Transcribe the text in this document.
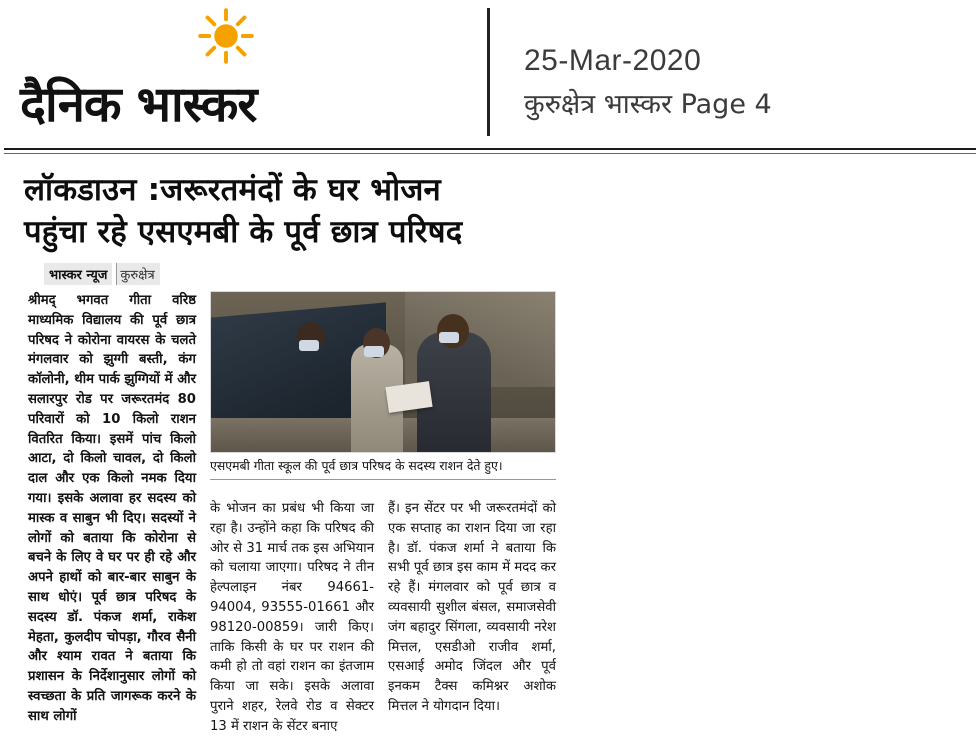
दैनिक भास्कर
25-Mar-2020
कुरुक्षेत्र भास्कर Page 4
लॉकडाउन :जरूरतमंदों के घर भोजन
पहुंचा रहे एसएमबी के पूर्व छात्र परिषद
भास्कर न्यूज	कुरुक्षेत्र

श्रीमद् भगवत गीता वरिष्ठ माध्यमिक विद्यालय की पूर्व छात्र परिषद ने कोरोना वायरस के चलते मंगलवार को झुग्गी बस्ती, कंग कॉलोनी, थीम पार्क झुग्गियों में और सलारपुर रोड पर जरूरतमंद 80 परिवारों को 10 किलो राशन वितरित किया। इसमें पांच किलो आटा, दो किलो चावल, दो किलो दाल और एक किलो नमक दिया गया। इसके अलावा हर सदस्य को मास्क व साबुन भी दिए। सदस्यों ने लोगों को बताया कि कोरोना से बचने के लिए वे घर पर ही रहे और अपने हाथों को बार-बार साबुन के साथ धोएं। पूर्व छात्र परिषद के सदस्य डॉ. पंकज शर्मा, राकेश मेहता, कुलदीप चोपड़ा, गौरव सैनी और श्याम रावत ने बताया कि प्रशासन के निर्देशानुसार लोगों को स्वच्छता के प्रति जागरूक करने के साथ लोगों

एसएमबी गीता स्कूल की पूर्व छात्र परिषद के सदस्य राशन देते हुए।

के भोजन का प्रबंध भी किया जा रहा है। उन्होंने कहा कि परिषद की ओर से 31 मार्च तक इस अभियान को चलाया जाएगा। परिषद ने तीन हेल्पलाइन नंबर 94661-94004, 93555-01661 और 98120-00859। जारी किए। ताकि किसी के घर पर राशन की कमी हो तो वहां राशन का इंतजाम किया जा सके। इसके अलावा पुराने शहर, रेलवे रोड व सेक्टर 13 में राशन के सेंटर बनाए

हैं। इन सेंटर पर भी जरूरतमंदों को एक सप्ताह का राशन दिया जा रहा है। डॉ. पंकज शर्मा ने बताया कि सभी पूर्व छात्र इस काम में मदद कर रहे हैं। मंगलवार को पूर्व छात्र व व्यवसायी सुशील बंसल, समाजसेवी जंग बहादुर सिंगला, व्यवसायी नरेश मित्तल, एसडीओ राजीव शर्मा, एसआई अमोद जिंदल और पूर्व इनकम टैक्स कमिश्नर अशोक मित्तल ने योगदान दिया।
